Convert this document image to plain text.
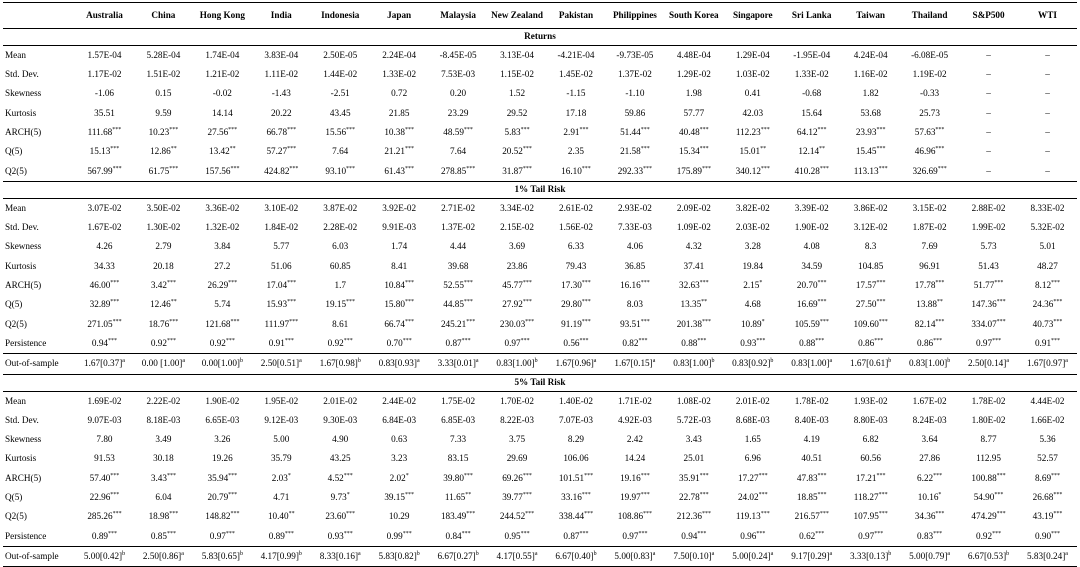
	Australia	China	Hong Kong	India	Indonesia	Japan	Malaysia	New Zealand	Pakistan	Philippines	South Korea	Singapore	Sri Lanka	Taiwan	Thailand	S&P500	WTI
Returns																	
Mean	1.57E-04	5.28E-04	1.74E-04	3.83E-04	2.50E-05	2.24E-04	-8.45E-05	3.13E-04	-4.21E-04	-9.73E-05	4.48E-04	1.29E-04	-1.95E-04	4.24E-04	-6.08E-05	–	–
Std. Dev.	1.17E-02	1.51E-02	1.21E-02	1.11E-02	1.44E-02	1.33E-02	7.53E-03	1.15E-02	1.45E-02	1.37E-02	1.29E-02	1.03E-02	1.33E-02	1.16E-02	1.19E-02	–	–
Skewness	-1.06	0.15	-0.02	-1.43	-2.51	0.72	0.20	1.52	-1.15	-1.10	1.98	0.41	-0.68	1.82	-0.33	–	–
Kurtosis	35.51	9.59	14.14	20.22	43.45	21.85	23.29	29.52	17.18	59.86	57.77	42.03	15.64	53.68	25.73	–	–
ARCH(5)	111.68***	10.23***	27.56***	66.78***	15.56***	10.38***	48.59***	5.83***	2.91***	51.44***	40.48***	112.23***	64.12***	23.93***	57.63***	–	–
Q(5)	15.13***	12.86**	13.42**	57.27***	7.64	21.21***	7.64	20.52***	2.35	21.58***	15.34***	15.01**	12.14**	15.45***	46.96***	–	–
Q2(5)	567.99***	61.75***	157.56***	424.82***	93.10***	61.43***	278.85***	31.87***	16.10***	292.33***	175.89***	340.12***	410.28***	113.13***	326.69***	–	–
1% Tail Risk																	
Mean	3.07E-02	3.50E-02	3.36E-02	3.10E-02	3.87E-02	3.92E-02	2.71E-02	3.34E-02	2.61E-02	2.93E-02	2.09E-02	3.82E-02	3.39E-02	3.86E-02	3.15E-02	2.88E-02	8.33E-02
Std. Dev.	1.67E-02	1.30E-02	1.32E-02	1.84E-02	2.28E-02	9.91E-03	1.37E-02	2.15E-02	1.56E-02	7.33E-03	1.09E-02	2.03E-02	1.90E-02	3.12E-02	1.87E-02	1.99E-02	5.32E-02
Skewness	4.26	2.79	3.84	5.77	6.03	1.74	4.44	3.69	6.33	4.06	4.32	3.28	4.08	8.3	7.69	5.73	5.01
Kurtosis	34.33	20.18	27.2	51.06	60.85	8.41	39.68	23.86	79.43	36.85	37.41	19.84	34.59	104.85	96.91	51.43	48.27
ARCH(5)	46.00***	3.42***	26.29***	17.04***	1.7	10.84***	52.55***	45.77***	17.30***	16.16***	32.63***	2.15*	20.70***	17.57***	17.78***	51.77***	8.12***
Q(5)	32.89***	12.46**	5.74	15.93***	19.15***	15.80***	44.85***	27.92***	29.80***	8.03	13.35**	4.68	16.69***	27.50***	13.88**	147.36***	24.36***
Q2(5)	271.05***	18.76***	121.68***	111.97***	8.61	66.74***	245.21***	230.03***	91.19***	93.51***	201.38***	10.89*	105.59***	109.60***	82.14***	334.07***	40.73***
Persistence	0.94***	0.92***	0.92***	0.91***	0.92***	0.70***	0.87***	0.97***	0.56***	0.82***	0.88***	0.93***	0.88***	0.86***	0.86***	0.97***	0.91***
Out-of-sample	$1.67[0.37]^a$	0.00 $[1.00]^a$	$0.00[1.00]^b$	$2.50[0.51]^a$	$1.67[0.98]^b$	$0.83[0.93]^a$	$3.33[0.01]^a$	$0.83[1.00]^b$	$1.67[0.96]^a$	$1.67[0.15]^a$	$0.83[1.00]^b$	$0.83[0.92]^b$	$0.83[1.00]^a$	$1.67[0.61]^b$	$0.83[1.00]^b$	$2.50[0.14]^a$	$1.67[0.97]^a$
5% Tail Risk																	
Mean	1.69E-02	2.22E-02	1.90E-02	1.95E-02	2.01E-02	2.44E-02	1.75E-02	1.70E-02	1.40E-02	1.71E-02	1.08E-02	2.01E-02	1.78E-02	1.93E-02	1.67E-02	1.78E-02	4.44E-02
Std. Dev.	9.07E-03	8.18E-03	6.65E-03	9.12E-03	9.30E-03	6.84E-03	6.85E-03	8.22E-03	7.07E-03	4.92E-03	5.72E-03	8.68E-03	8.40E-03	8.80E-03	8.24E-03	1.80E-02	1.66E-02
Skewness	7.80	3.49	3.26	5.00	4.90	0.63	7.33	3.75	8.29	2.42	3.43	1.65	4.19	6.82	3.64	8.77	5.36
Kurtosis	91.53	30.18	19.26	35.79	43.25	3.23	83.15	29.69	106.06	14.24	25.01	6.96	40.51	60.56	27.86	112.95	52.57
ARCH(5)	57.40***	3.43***	35.94***	2.03*	4.52***	2.02*	39.80***	69.26***	101.51***	19.16***	35.91***	17.27***	47.83***	17.21***	6.22***	100.88***	8.69***
Q(5)	22.96***	6.04	20.79***	4.71	9.73*	39.15***	11.65**	39.77***	33.16***	19.97***	22.78***	24.02***	18.85***	118.27***	10.16*	54.90***	26.68***
Q2(5)	285.26***	18.98***	148.82***	10.40**	23.60***	10.29	183.49***	244.52***	338.44***	108.86***	212.36***	119.13***	216.57***	107.95***	34.36***	474.29***	43.19***
Persistence	0.89***	0.85***	0.97***	0.89***	0.93***	0.99***	0.84***	0.95***	0.87***	0.97***	0.94***	0.96***	0.62***	0.97***	0.83***	0.92***	0.90***
Out-of-sample	$5.00[0.42]^b$	$2.50[0.86]^a$	$5.83[0.65]^b$	$4.17[0.99]^b$	$8.33[0.16]^a$	$5.83[0.82]^b$	$6.67[0.27]^b$	$4.17[0.55]^a$	$6.67[0.40]^b$	$5.00[0.83]^a$	$7.50[0.10]^a$	$5.00[0.24]^a$	$9.17[0.29]^a$	$3.33[0.13]^b$	$5.00[0.79]^a$	$6.67[0.53]^b$	$5.83[0.24]^a$
